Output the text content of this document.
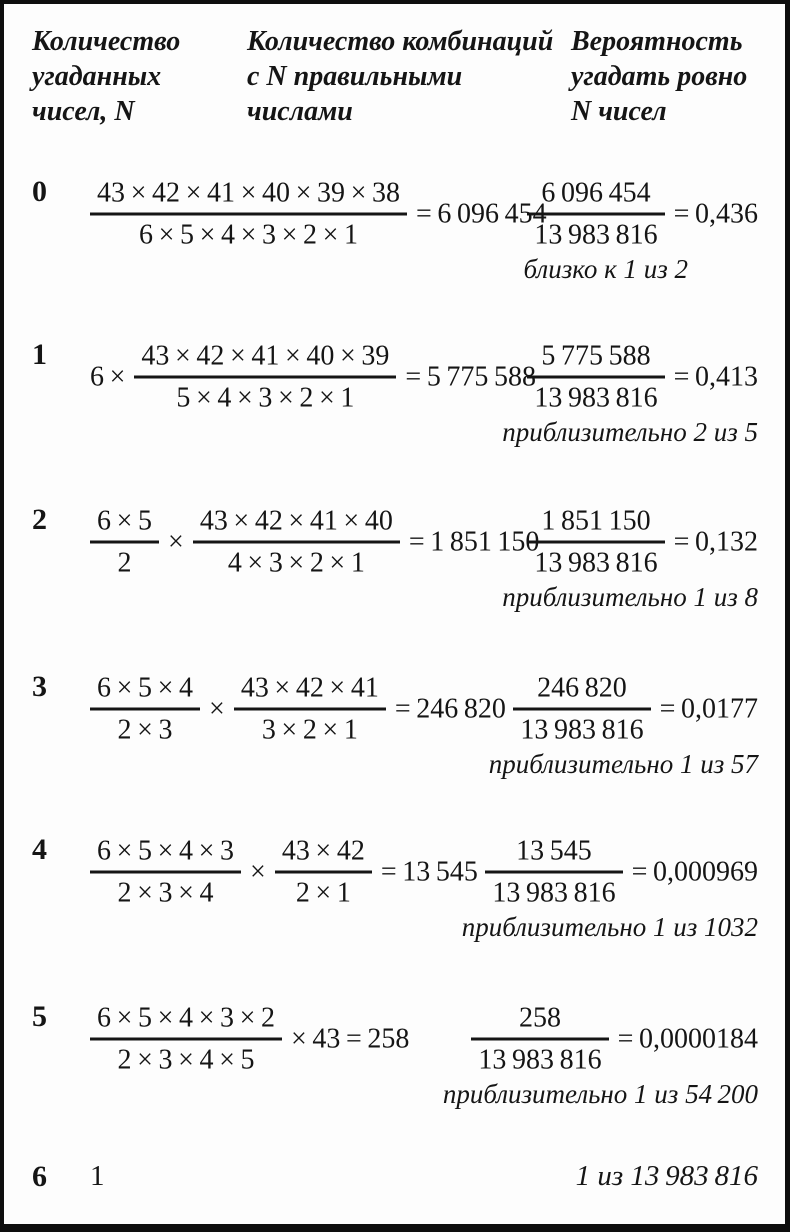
Количество
угаданных
чисел, N
Количество комбинаций
с N правильными
числами
Вероятность
угадать ровно
N чисел
$0 \frac{43 \times 42 \times 41 \times 40 \times 39 \times 38}{6 \times 5 \times 4 \times 3 \times 2 \times 1} = 6$ 096 454
$\frac{6 096 454}{13 983 816} = 0,436$
близко к 1 из 2
1
$6 \times \frac{43 \times 42 \times 41 \times 40 \times 39}{5 \times 4 \times 3 \times 2 \times 1} = 5$ 775 588
$\frac{5 775 588}{13 983 816} = 0,413$
приблизительно 2 из 5
$2 \frac{6 \times 5}{2} \times \frac{43 \times 42 \times 41 \times 40}{4 \times 3 \times 2 \times 1} = 1$ 851 150
$\frac{1 851 150}{13 983 816} = 0,132$
приблизительно 1 из 8
$3 \frac{6 \times 5 \times 4}{2 \times 3} \times \frac{43 \times 42 \times 41}{3 \times 2 \times 1} = 246$ $820 \frac{246 820}{13 983 816} = 0,0177$
приблизительно 1 из 57
$4 \frac{6 \times 5 \times 4 \times 3}{2 \times 3 \times 4} \times \frac{43 \times 42}{2 \times 1} = 13$ $545 \frac{13 545}{13 983 816} = 0,000969$
приблизительно 1 из 1032
$5 \frac{6 \times 5 \times 4 \times 3 \times 2}{2 \times 3 \times 4 \times 5} \times 43 = 258 \frac{258}{13 983 816} = 0,0000184$
приблизительно 1 из 54 200
6 1	1 из 13 983 816
